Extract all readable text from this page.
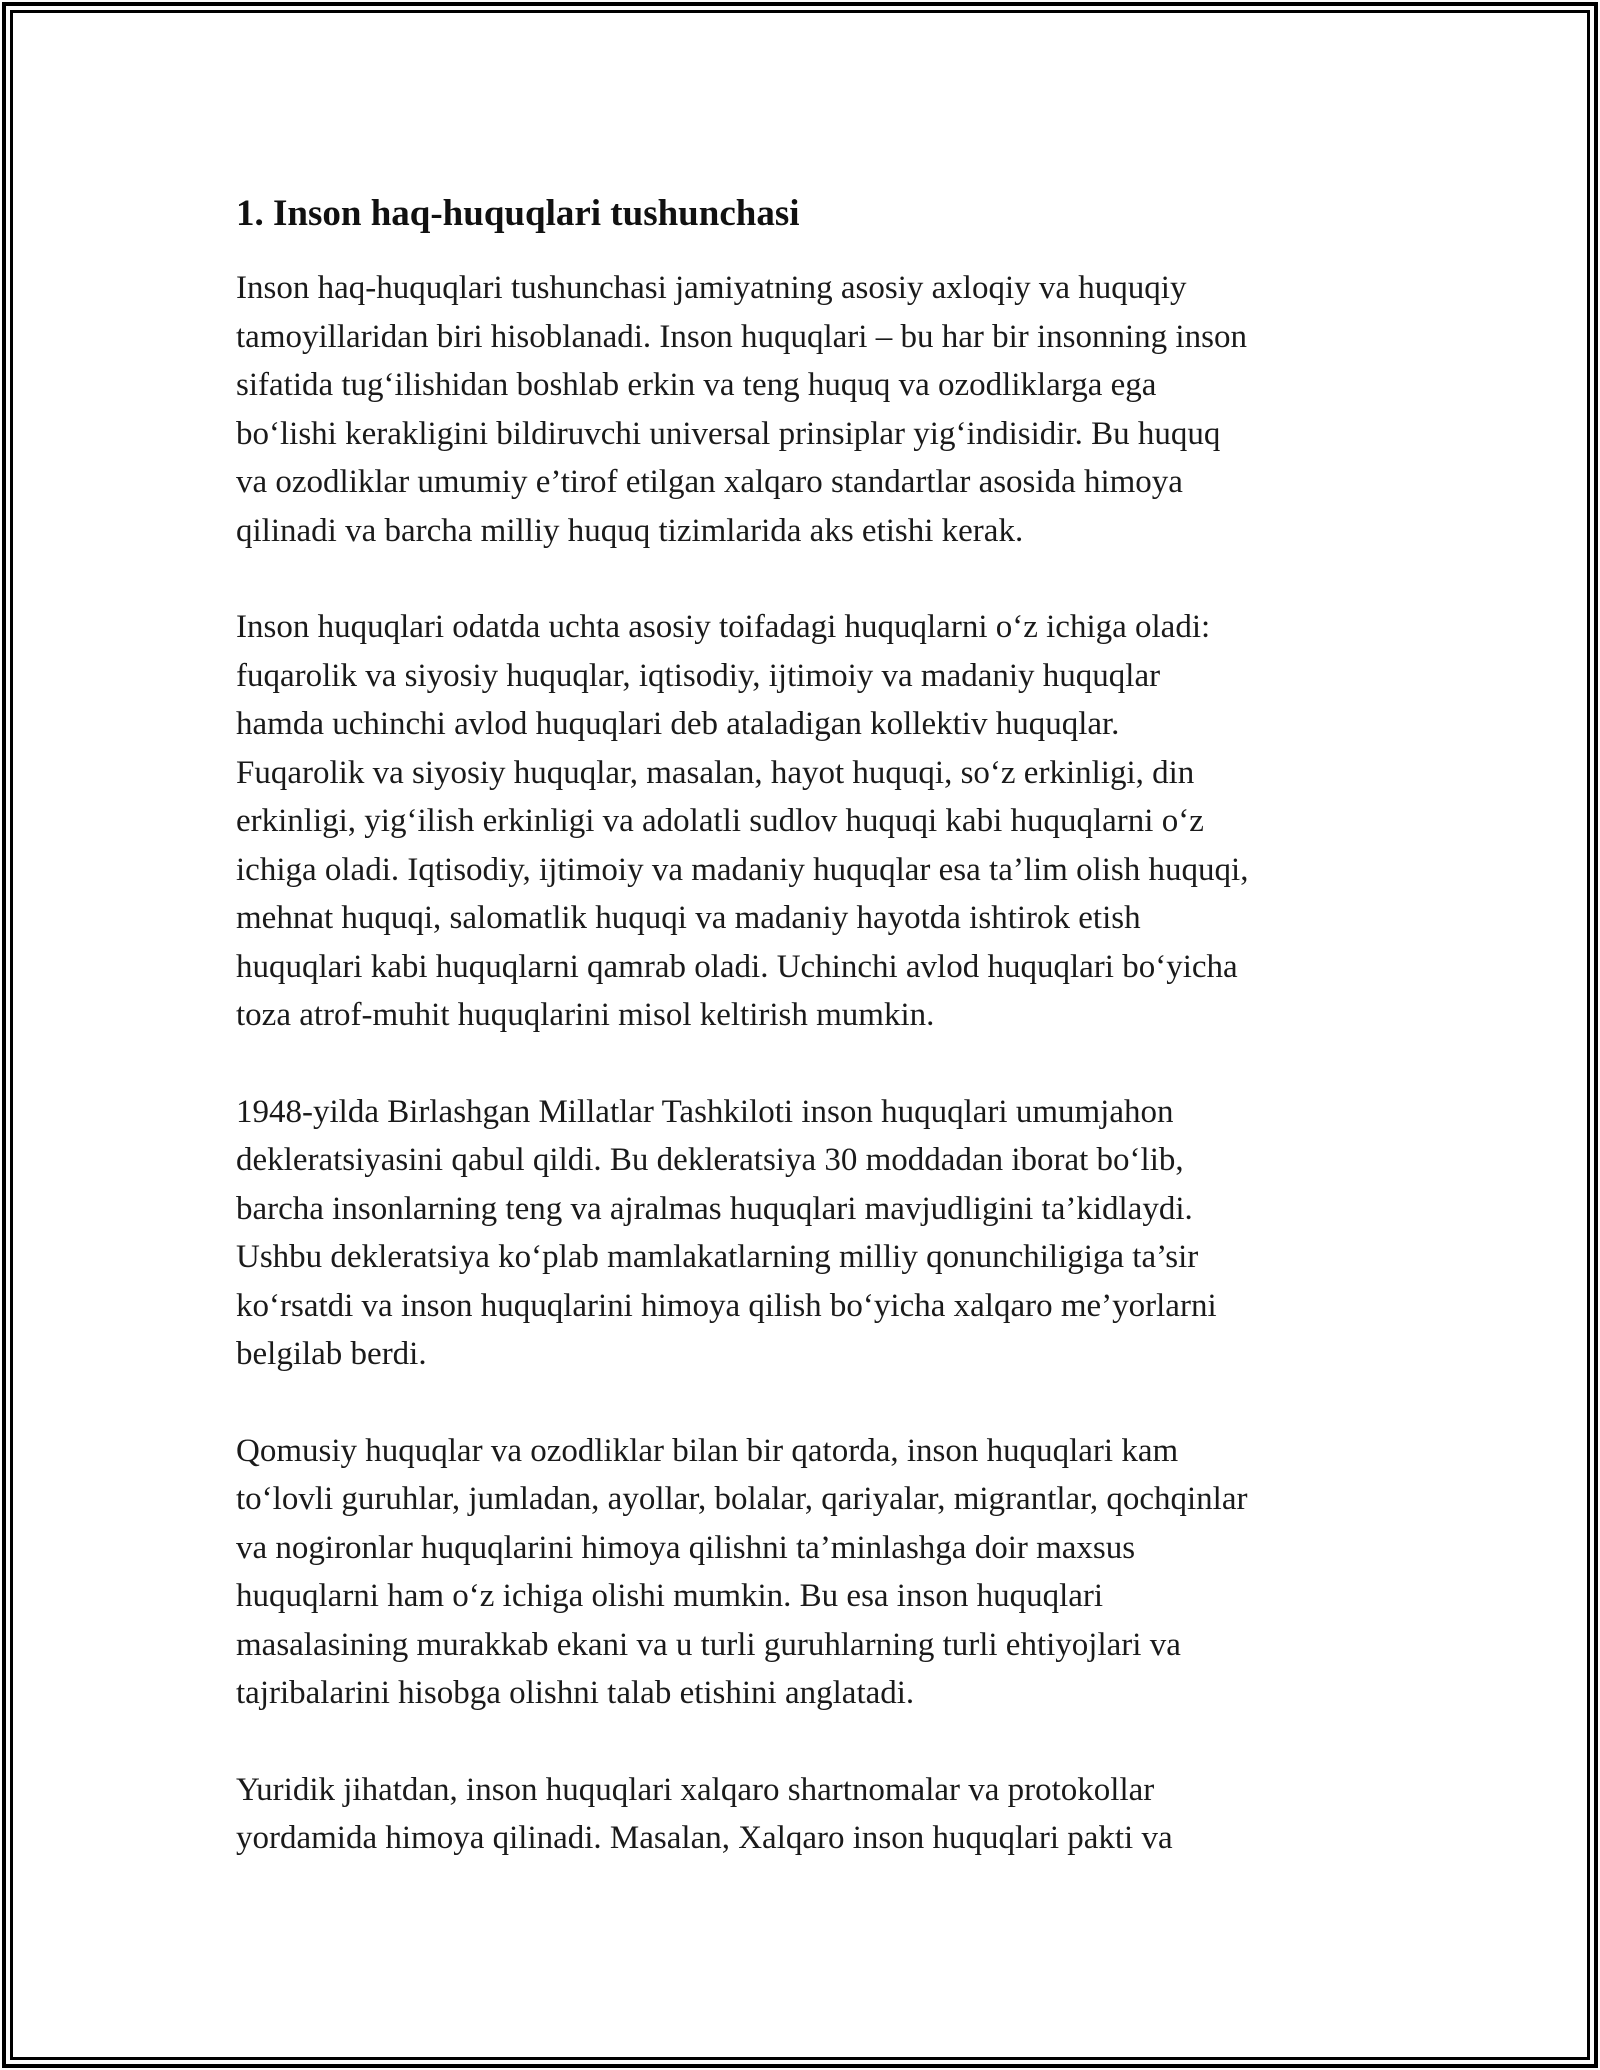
1. Inson haq-huquqlari tushunchasi

Inson haq-huquqlari tushunchasi jamiyatning asosiy axloqiy va huquqiy
tamoyillaridan biri hisoblanadi. Inson huquqlari – bu har bir insonning inson
sifatida tug‘ilishidan boshlab erkin va teng huquq va ozodliklarga ega
bo‘lishi kerakligini bildiruvchi universal prinsiplar yig‘indisidir. Bu huquq
va ozodliklar umumiy e’tirof etilgan xalqaro standartlar asosida himoya
qilinadi va barcha milliy huquq tizimlarida aks etishi kerak.

Inson huquqlari odatda uchta asosiy toifadagi huquqlarni o‘z ichiga oladi:
fuqarolik va siyosiy huquqlar, iqtisodiy, ijtimoiy va madaniy huquqlar
hamda uchinchi avlod huquqlari deb ataladigan kollektiv huquqlar.
Fuqarolik va siyosiy huquqlar, masalan, hayot huquqi, so‘z erkinligi, din
erkinligi, yig‘ilish erkinligi va adolatli sudlov huquqi kabi huquqlarni o‘z
ichiga oladi. Iqtisodiy, ijtimoiy va madaniy huquqlar esa ta’lim olish huquqi,
mehnat huquqi, salomatlik huquqi va madaniy hayotda ishtirok etish
huquqlari kabi huquqlarni qamrab oladi. Uchinchi avlod huquqlari bo‘yicha
toza atrof-muhit huquqlarini misol keltirish mumkin.

1948-yilda Birlashgan Millatlar Tashkiloti inson huquqlari umumjahon
dekleratsiyasini qabul qildi. Bu dekleratsiya 30 moddadan iborat bo‘lib,
barcha insonlarning teng va ajralmas huquqlari mavjudligini ta’kidlaydi.
Ushbu dekleratsiya ko‘plab mamlakatlarning milliy qonunchiligiga ta’sir
ko‘rsatdi va inson huquqlarini himoya qilish bo‘yicha xalqaro me’yorlarni
belgilab berdi.

Qomusiy huquqlar va ozodliklar bilan bir qatorda, inson huquqlari kam
to‘lovli guruhlar, jumladan, ayollar, bolalar, qariyalar, migrantlar, qochqinlar
va nogironlar huquqlarini himoya qilishni ta’minlashga doir maxsus
huquqlarni ham o‘z ichiga olishi mumkin. Bu esa inson huquqlari
masalasining murakkab ekani va u turli guruhlarning turli ehtiyojlari va
tajribalarini hisobga olishni talab etishini anglatadi.

Yuridik jihatdan, inson huquqlari xalqaro shartnomalar va protokollar
yordamida himoya qilinadi. Masalan, Xalqaro inson huquqlari pakti va
